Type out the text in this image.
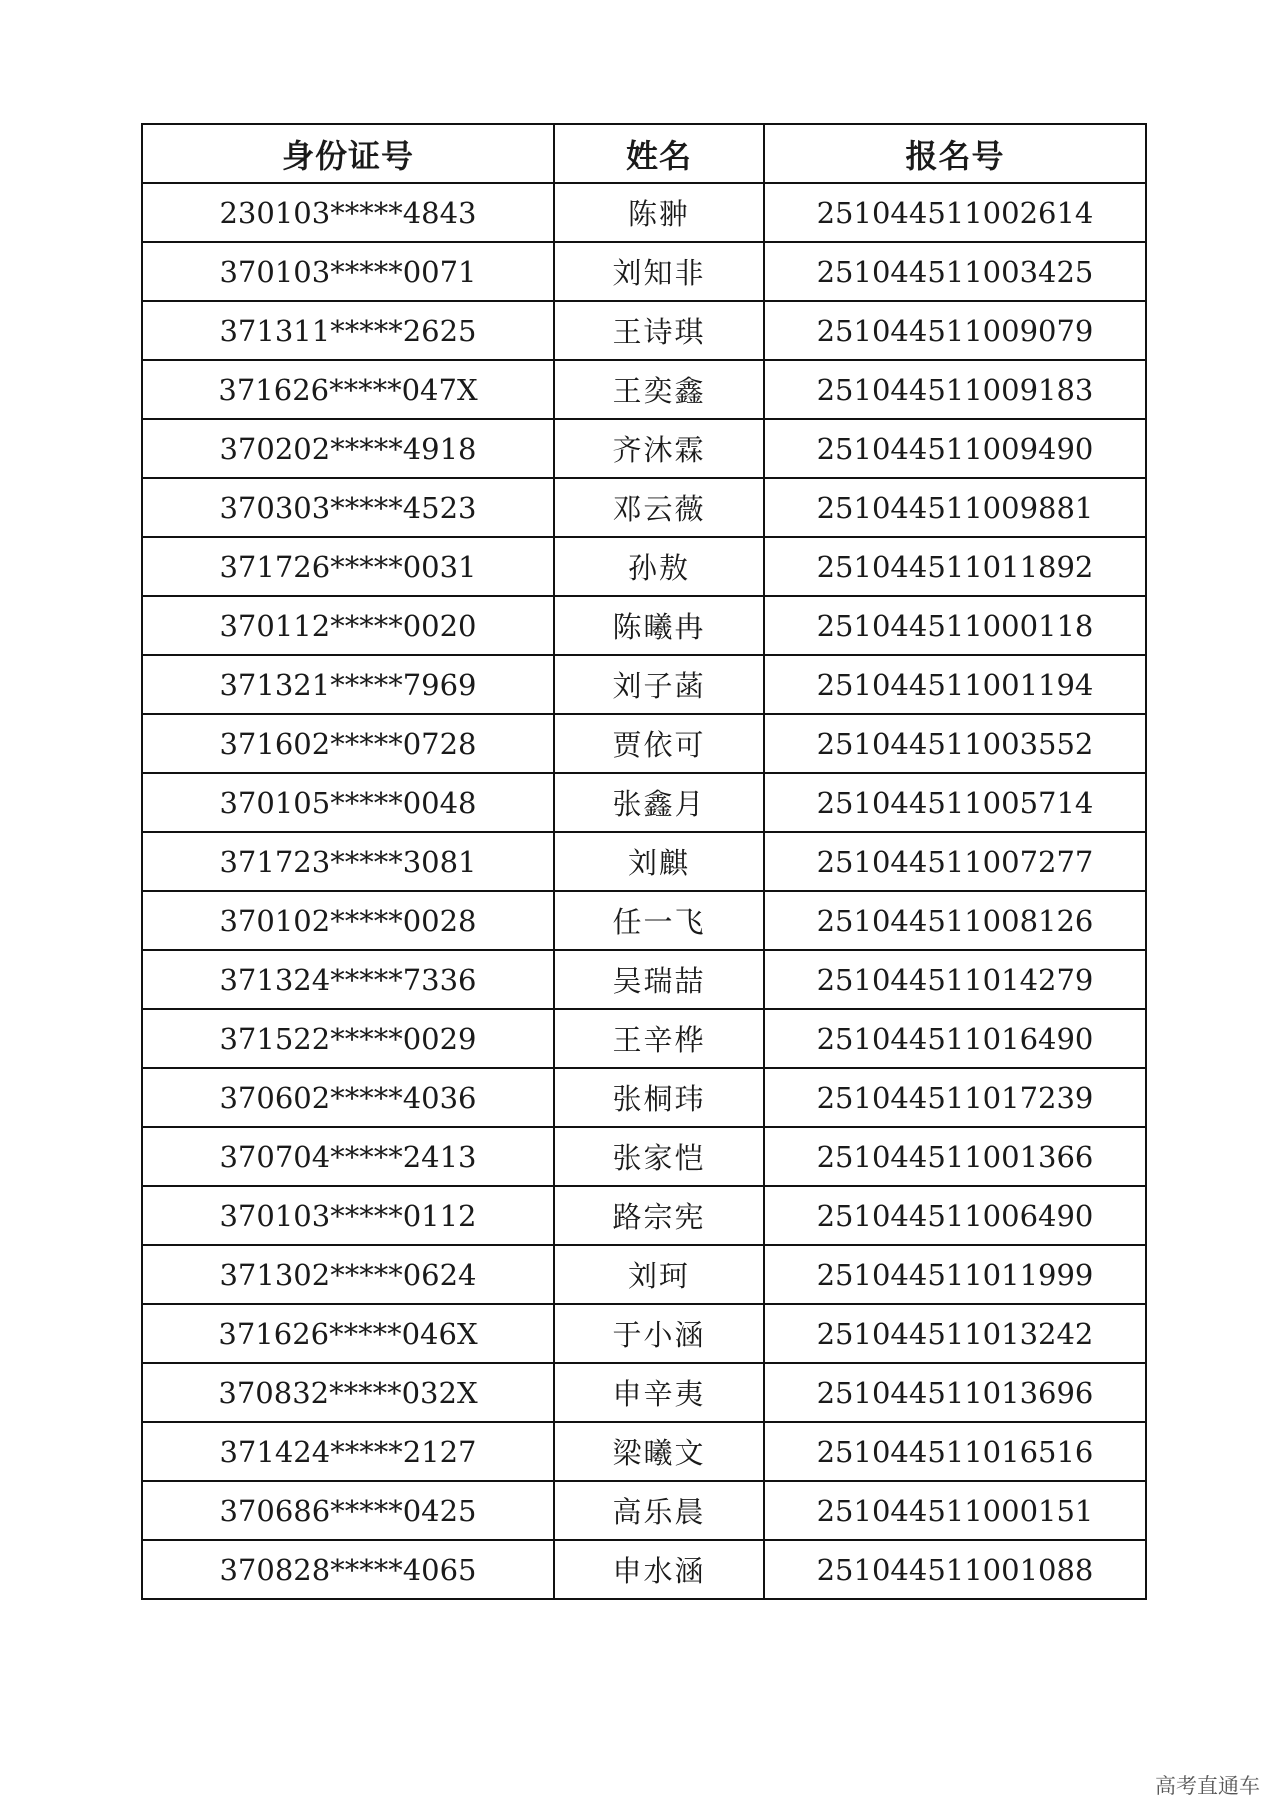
身份证号	姓名	报名号
230103*****4843	陈翀	251044511002614
370103*****0071	刘知非	251044511003425
371311*****2625	王诗琪	251044511009079
371626*****047X	王奕鑫	251044511009183
370202*****4918	齐沐霖	251044511009490
370303*****4523	邓云薇	251044511009881
371726*****0031	孙敖	251044511011892
370112*****0020	陈曦冉	251044511000118
371321*****7969	刘子菡	251044511001194
371602*****0728	贾依可	251044511003552
370105*****0048	张鑫月	251044511005714
371723*****3081	刘麒	251044511007277
370102*****0028	任一飞	251044511008126
371324*****7336	吴瑞喆	251044511014279
371522*****0029	王辛桦	251044511016490
370602*****4036	张桐玮	251044511017239
370704*****2413	张家恺	251044511001366
370103*****0112	路宗宪	251044511006490
371302*****0624	刘珂	251044511011999
371626*****046X	于小涵	251044511013242
370832*****032X	申辛夷	251044511013696
371424*****2127	梁曦文	251044511016516
370686*****0425	高乐晨	251044511000151
370828*****4065	申水涵	251044511001088
高考直通车
